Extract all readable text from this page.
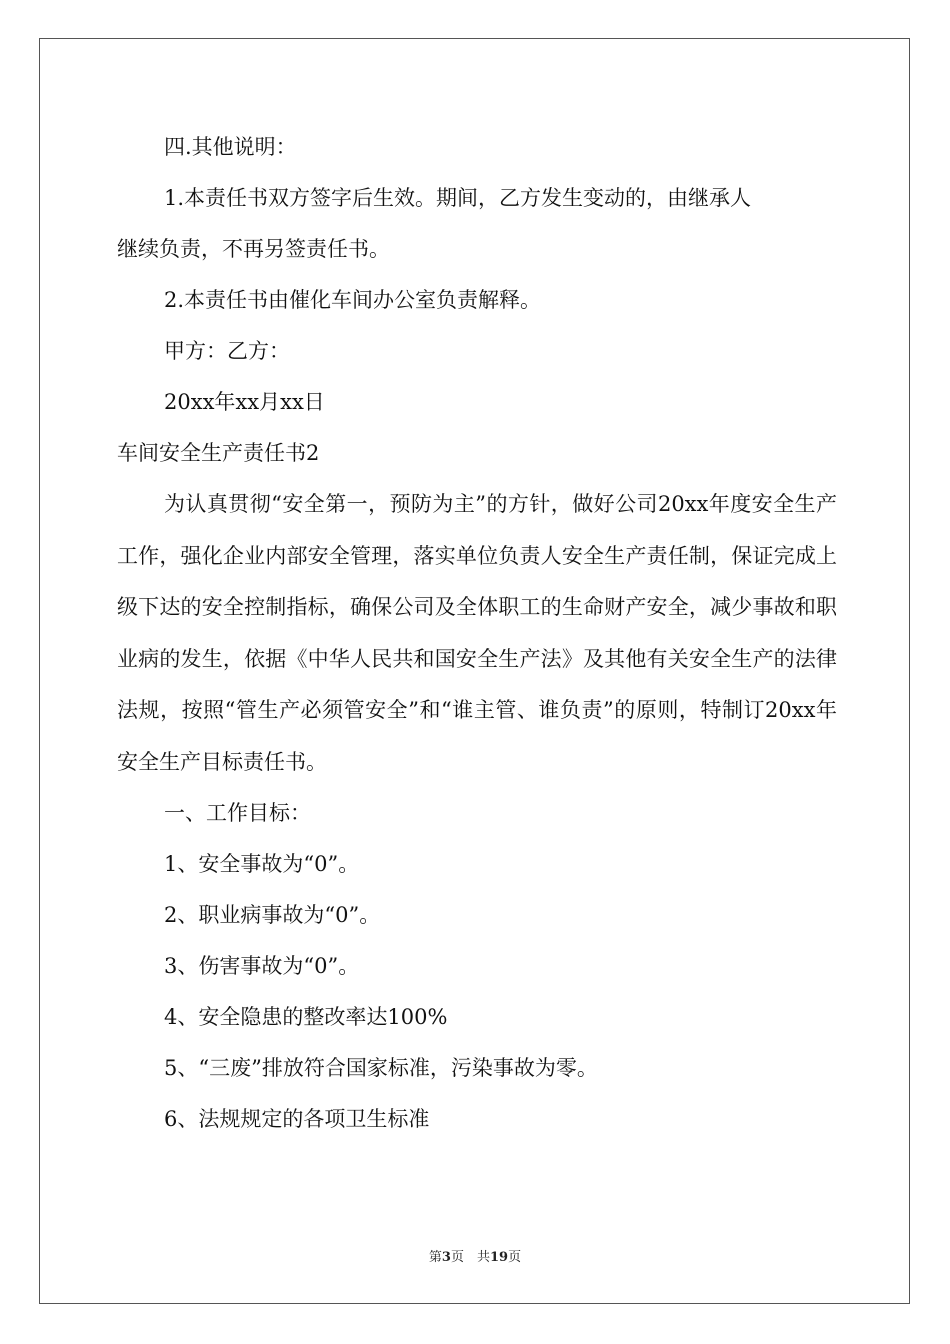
四.其他说明：
1.本责任书双方签字后生效。期间，乙方发生变动的，由继承人
继续负责，不再另签责任书。
2.本责任书由催化车间办公室负责解释。
甲方：乙方：
20xx年xx月xx日
车间安全生产责任书2

为认真贯彻“安全第一，预防为主”的方针，做好公司20xx年度安全生产工作，强化企业内部安全管理，落实单位负责人安全生产责任制，保证完成上级下达的安全控制指标，确保公司及全体职工的生命财产安全，减少事故和职业病的发生，依据《中华人民共和国安全生产法》及其他有关安全生产的法律法规，按照“管生产必须管安全”和“谁主管、谁负责”的原则，特制订20xx年安全生产目标责任书。

一、工作目标：
1、安全事故为“0”。
2、职业病事故为“0”。
3、伤害事故为“0”。
4、安全隐患的整改率达100%
5、“三废”排放符合国家标准，污染事故为零。
6、法规规定的各项卫生标准
第3页　共19页
